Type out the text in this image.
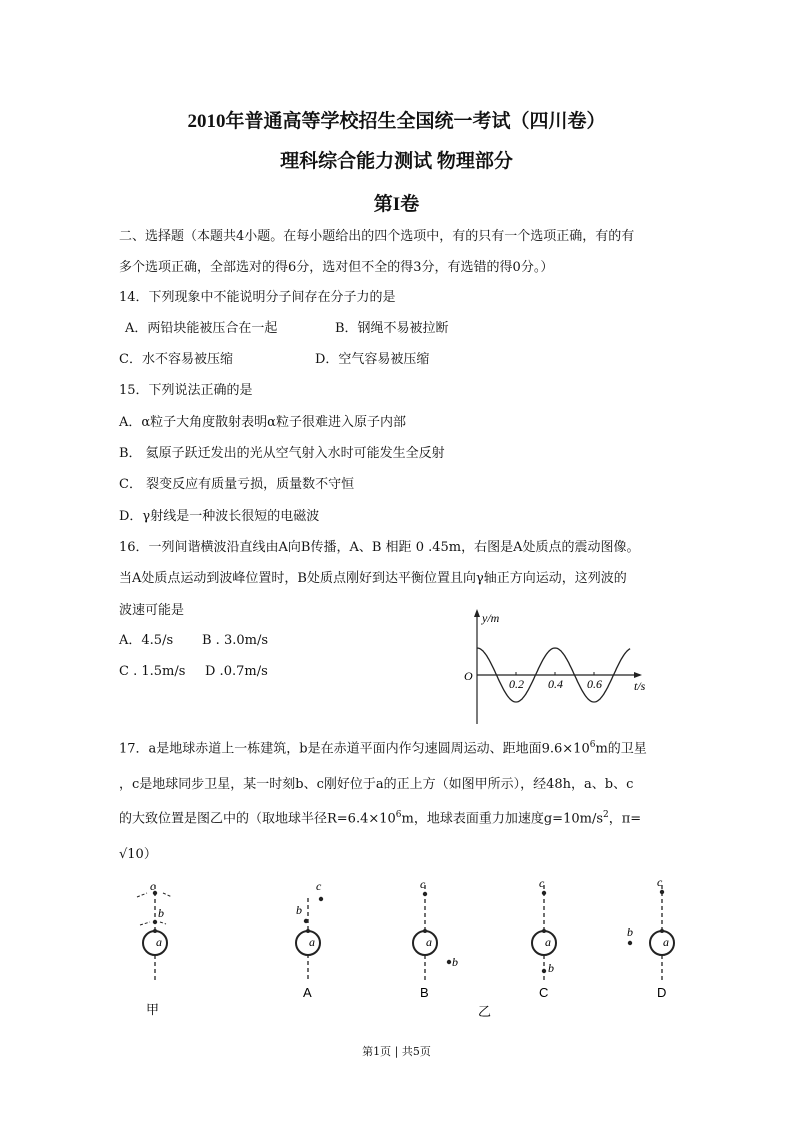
2010年普通高等学校招生全国统一考试（四川卷）
理科综合能力测试 物理部分
第I卷
二、选择题（本题共4小题。在每小题给出的四个选项中，有的只有一个选项正确，有的有
多个选项正确，全部选对的得6分，选对但不全的得3分，有选错的得0分。）
14．下列现象中不能说明分子间存在分子力的是
A．两铅块能被压合在一起	B．钢绳不易被拉断
C．水不容易被压缩	D．空气容易被压缩
15．下列说法正确的是
A．α粒子大角度散射表明α粒子很难进入原子内部
B． 氦原子跃迁发出的光从空气射入水时可能发生全反射
C． 裂变反应有质量亏损，质量数不守恒
D．γ射线是一种波长很短的电磁波
16．一列间谐横波沿直线由A向B传播，A、B 相距 0 .45m，右图是A处质点的震动图像。
当A处质点运动到波峰位置时，B处质点刚好到达平衡位置且向γ轴正方向运动，这列波的
波速可能是
A．4.5/s B . 3.0m/s
C . 1.5m/s D .0.7m/s
y/m
t/s
O
0.2 0.4 0.6
a
c
b
a
c
b
A
a
c
b
B
a
c
b
C
a
c
b
D
甲	乙
17．a是地球赤道上一栋建筑，b是在赤道平面内作匀速圆周运动、距地面$9.6\times 10^6m$的卫星
，c是地球同步卫星，某一时刻b、c刚好位于a的正上方（如图甲所示），经48h，a、b、c
的大致位置是图乙中的（取地球半径$R=6.4\times 10^6m$，地球表面重力加速度$g=10m/s^2$，π=
√10）
第1页 | 共5页
